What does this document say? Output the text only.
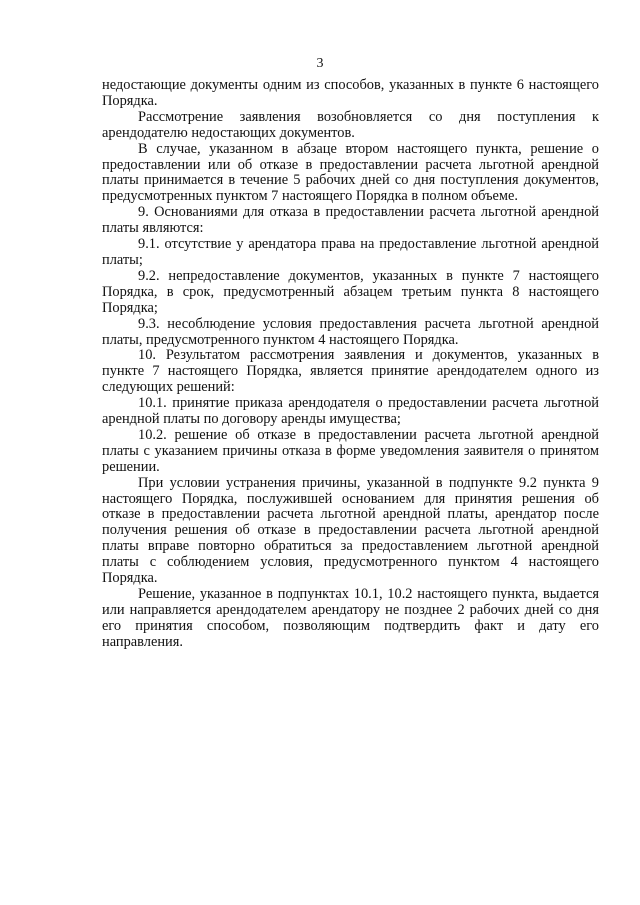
3

недостающие документы одним из способов, указанных в пункте 6 настоящего Порядка.

Рассмотрение заявления возобновляется со дня поступления к арендодателю недостающих документов.

В случае, указанном в абзаце втором настоящего пункта, решение о предоставлении или об отказе в предоставлении расчета льготной арендной платы принимается в течение 5 рабочих дней со дня поступления документов, предусмотренных пунктом 7 настоящего Порядка в полном объеме.

9. Основаниями для отказа в предоставлении расчета льготной арендной платы являются:

9.1. отсутствие у арендатора права на предоставление льготной арендной платы;

9.2. непредоставление документов, указанных в пункте 7 настоящего Порядка, в срок, предусмотренный абзацем третьим пункта 8 настоящего Порядка;

9.3. несоблюдение условия предоставления расчета льготной арендной платы, предусмотренного пунктом 4 настоящего Порядка.

10. Результатом рассмотрения заявления и документов, указанных в пункте 7 настоящего Порядка, является принятие арендодателем одного из следующих решений:

10.1. принятие приказа арендодателя о предоставлении расчета льготной арендной платы по договору аренды имущества;

10.2. решение об отказе в предоставлении расчета льготной арендной платы с указанием причины отказа в форме уведомления заявителя о принятом решении.

При условии устранения причины, указанной в подпункте 9.2 пункта 9 настоящего Порядка, послужившей основанием для принятия решения об отказе в предоставлении расчета льготной арендной платы, арендатор после получения решения об отказе в предоставлении расчета льготной арендной платы вправе повторно обратиться за предоставлением льготной арендной платы с соблюдением условия, предусмотренного пунктом 4 настоящего Порядка.

Решение, указанное в подпунктах 10.1, 10.2 настоящего пункта, выдается или направляется арендодателем арендатору не позднее 2 рабочих дней со дня его принятия способом, позволяющим подтвердить факт и дату его направления.
